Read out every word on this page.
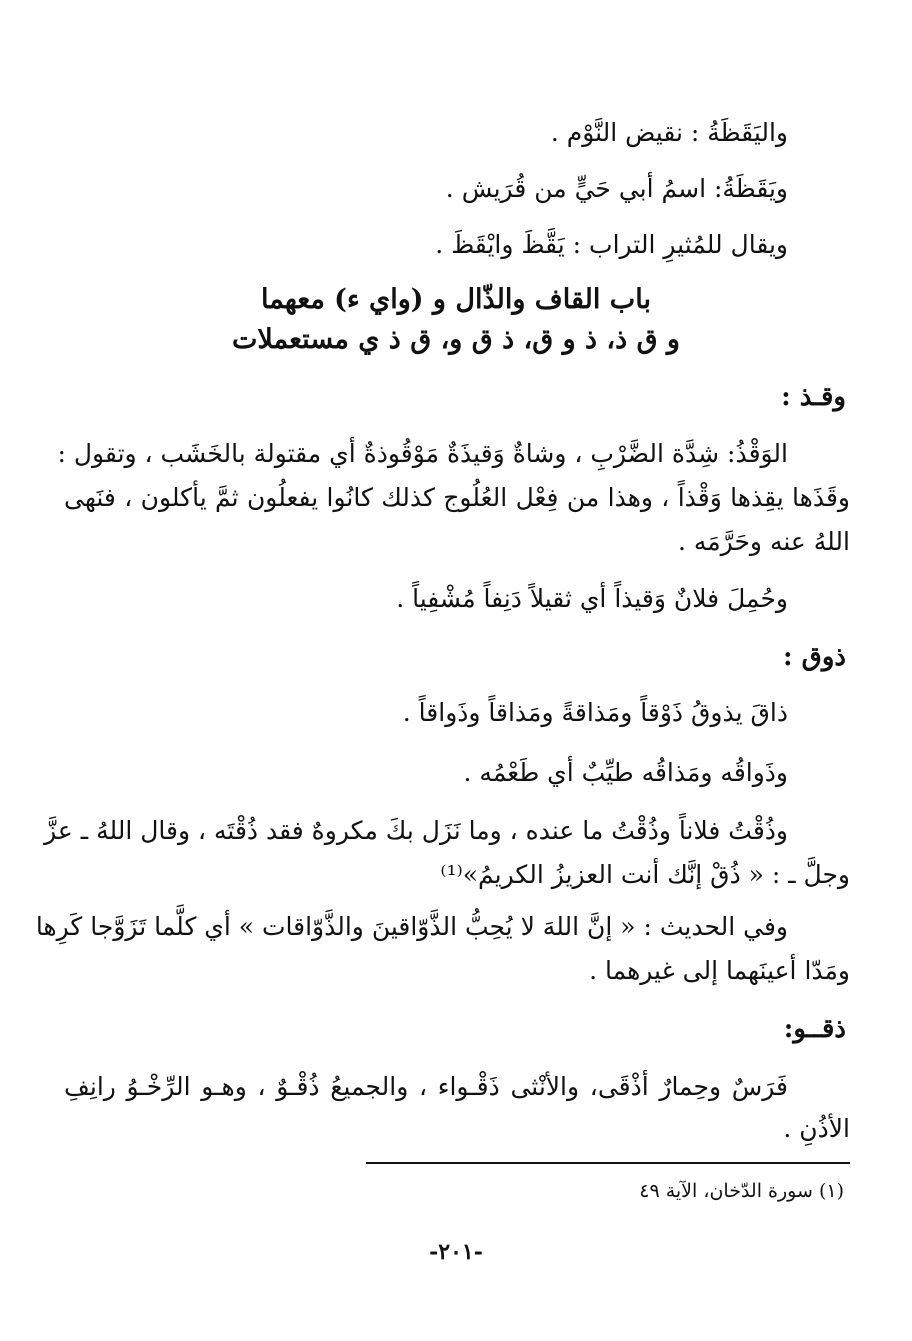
واليَقَظَةُ : نقيض النَّوْم .
ويَقَظَةُ: اسمُ أبي حَيٍّ من قُرَيش .
ويقال للمُثيرِ التراب : يَقَّظَ وايْقَظَ .
باب القاف والذّال و (واي ء) معهما
و ق ذ، ذ و ق، ذ ق و، ق ذ ي مستعملات
وقـذ :
الوَقْذُ: شِدَّة الضَّرْبِ ، وشاةٌ وَقيذَةٌ مَوْقُوذةٌ أي مقتولة بالخَشَب ، وتقول :
وقَذَها يقِذها وَقْذاً ، وهذا من فِعْل العُلُوج كذلك كانُوا يفعلُون ثمَّ يأكلون ، فنَهى
اللهُ عنه وحَرَّمَه .
وحُمِلَ فلانٌ وَقيذاً أي ثقيلاً دَنِفاً مُشْفِياً .
ذوق :
ذاقَ يذوقُ ذَوْقاً ومَذاقةً ومَذاقاً وذَواقاً .
وذَواقُه ومَذاقُه طيِّبٌ أي طَعْمُه .
وذُقْتُ فلاناً وذُقْتُ ما عنده ، وما نَزَل بكَ مكروهٌ فقد ذُقْتَه ، وقال اللهُ ـ عزَّ
وجلَّ ـ : « ذُقْ إنَّك أنت العزيزُ الكريمُ»⁽¹⁾
وفي الحديث : « إنَّ اللهَ لا يُحِبُّ الذَّوّاقينَ والذَّوّاقات » أي كلَّما تَزَوَّجا كَرِها
ومَدّا أعينَهما إلى غيرهما .
ذقــو:
فَرَسٌ وحِمارٌ أذْقَى، والأنْثى ذَقْـواء ، والجميعُ ذُقْـوٌ ، وهـو الرِّخْـوُ رانِفِ
الأذُنِ .
(١) سورة الدّخان، الآية ٤٩
-٢٠١-
